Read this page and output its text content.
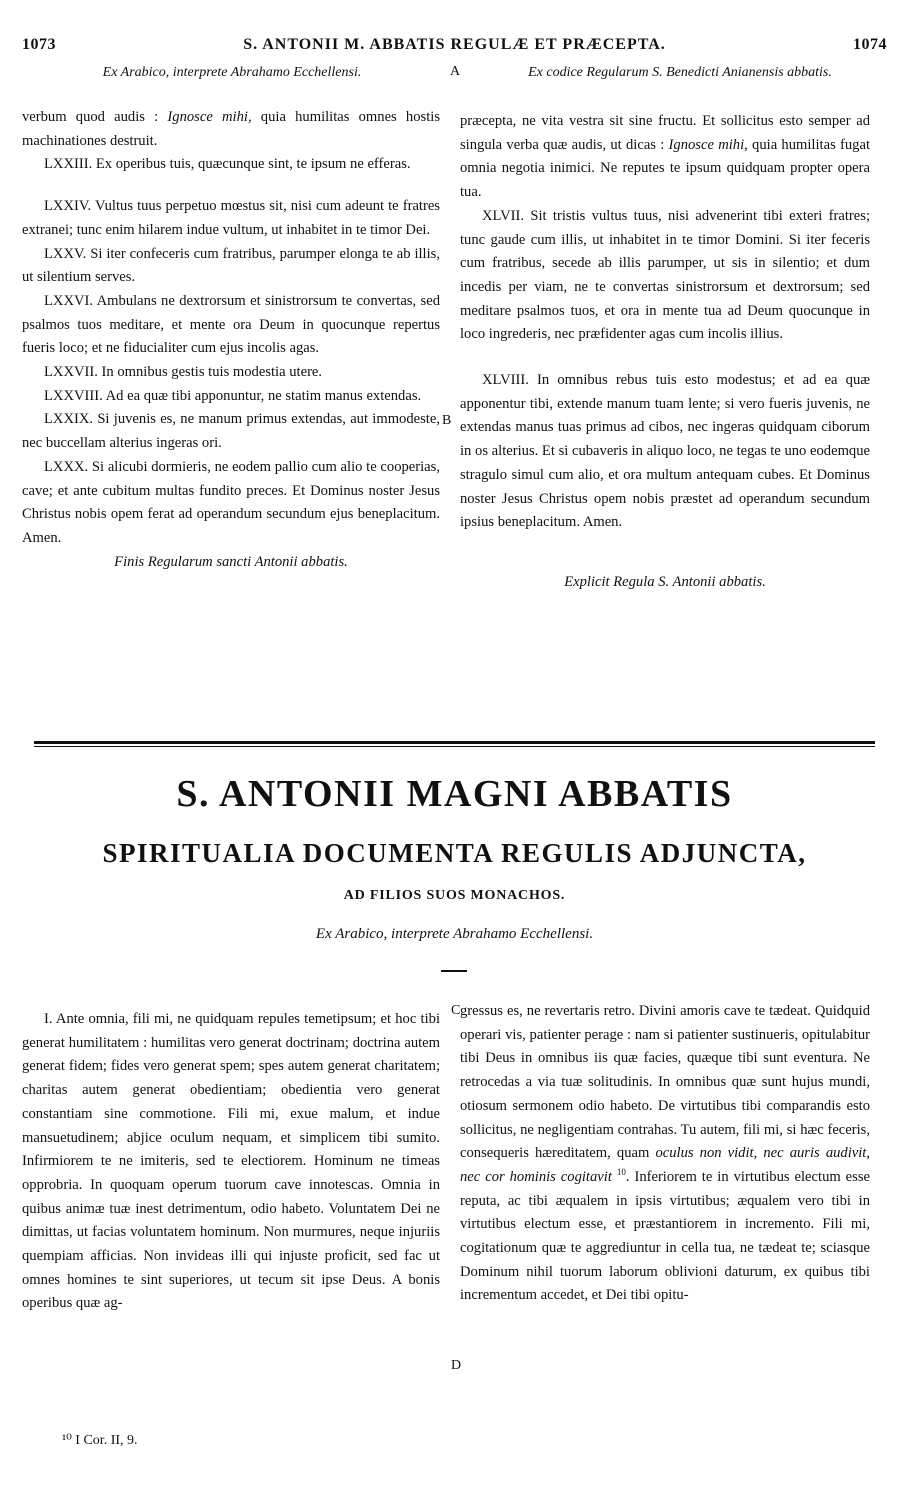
1073	S. ANTONII M. ABBATIS REGULÆ ET PRÆCEPTA.	1074
Ex Arabico, interprete Abrahamo Ecchellensi.	A	Ex codice Regularum S. Benedicti Anianensis abbatis.

verbum quod audis : Ignosce mihi, quia humilitas omnes hostis machinationes destruit.

LXXIII. Ex operibus tuis, quæcunque sint, te ipsum ne efferas.

LXXIV. Vultus tuus perpetuo mœstus sit, nisi cum adeunt te fratres extranei; tunc enim hilarem indue vultum, ut inhabitet in te timor Dei.

LXXV. Si iter confeceris cum fratribus, parumper elonga te ab illis, ut silentium serves.

LXXVI. Ambulans ne dextrorsum et sinistrorsum te convertas, sed psalmos tuos meditare, et mente ora Deum in quocunque repertus fueris loco; et ne fiducialiter cum ejus incolis agas.

LXXVII. In omnibus gestis tuis modestia utere.

LXXVIII. Ad ea quæ tibi apponuntur, ne statim manus extendas.

LXXIX. Si juvenis es, ne manum primus extendas, aut immodeste, nec buccellam alterius ingeras ori.

LXXX. Si alicubi dormieris, ne eodem pallio cum alio te cooperias, cave; et ante cubitum multas fundito preces. Et Dominus noster Jesus Christus nobis opem ferat ad operandum secundum ejus beneplacitum. Amen.

Finis Regularum sancti Antonii abbatis.
B

præcepta, ne vita vestra sit sine fructu. Et sollicitus esto semper ad singula verba quæ audis, ut dicas : Ignosce mihi, quia humilitas fugat omnia negotia inimici. Ne reputes te ipsum quidquam propter opera tua.

XLVII. Sit tristis vultus tuus, nisi advenerint tibi exteri fratres; tunc gaude cum illis, ut inhabitet in te timor Domini. Si iter feceris cum fratribus, secede ab illis parumper, ut sis in silentio; et dum incedis per viam, ne te convertas sinistrorsum et dextrorsum; sed meditare psalmos tuos, et ora in mente tua ad Deum quocunque in loco ingrederis, nec præfidenter agas cum incolis illius.

XLVIII. In omnibus rebus tuis esto modestus; et ad ea quæ apponentur tibi, extende manum tuam lente; si vero fueris juvenis, ne extendas manus tuas primus ad cibos, nec ingeras quidquam ciborum in os alterius. Et si cubaveris in aliquo loco, ne tegas te uno eodemque stragulo simul cum alio, et ora multum antequam cubes. Et Dominus noster Jesus Christus opem nobis præstet ad operandum secundum ipsius beneplacitum. Amen.

Explicit Regula S. Antonii abbatis.
S. ANTONII MAGNI ABBATIS
SPIRITUALIA DOCUMENTA REGULIS ADJUNCTA,
AD FILIOS SUOS MONACHOS.
Ex Arabico, interprete Abrahamo Ecchellensi.

I. Ante omnia, fili mi, ne quidquam repules temetipsum; et hoc tibi generat humilitatem : humilitas vero generat doctrinam; doctrina autem generat fidem; fides vero generat spem; spes autem generat charitatem; charitas autem generat obedientiam; obedientia vero generat constantiam sine commotione. Fili mi, exue malum, et indue mansuetudinem; abjice oculum nequam, et simplicem tibi sumito. Infirmiorem te ne imiteris, sed te electiorem. Hominum ne timeas opprobria. In quoquam operum tuorum cave innotescas. Omnia in quibus animæ tuæ inest detrimentum, odio habeto. Voluntatem Dei ne dimittas, ut facias voluntatem hominum. Non murmures, neque injuriis quempiam afficias. Non invideas illi qui injuste proficit, sed fac ut omnes homines te sint superiores, ut tecum sit ipse Deus. A bonis operibus quæ ag-

C
D

gressus es, ne revertaris retro. Divini amoris cave te tædeat. Quidquid operari vis, patienter perage : nam si patienter sustinueris, opitulabitur tibi Deus in omnibus iis quæ facies, quæque tibi sunt eventura. Ne retrocedas a via tuæ solitudinis. In omnibus quæ sunt hujus mundi, otiosum sermonem odio habeto. De virtutibus tibi comparandis esto sollicitus, ne negligentiam contrahas. Tu autem, fili mi, si hæc feceris, consequeris hæreditatem, quam oculus non vidit, nec auris audivit, nec cor hominis cogitavit $^{10}$. Inferiorem te in virtutibus electum esse reputa, ac tibi æqualem in ipsis virtutibus; æqualem vero tibi in virtutibus electum esse, et præstantiorem in incremento. Fili mi, cogitationum quæ te aggrediuntur in cella tua, ne tædeat te; sciasque Dominum nihil tuorum laborum oblivioni daturum, ex quibus tibi incrementum accedet, et Dei tibi opitu-

¹⁰ I Cor. II, 9.
